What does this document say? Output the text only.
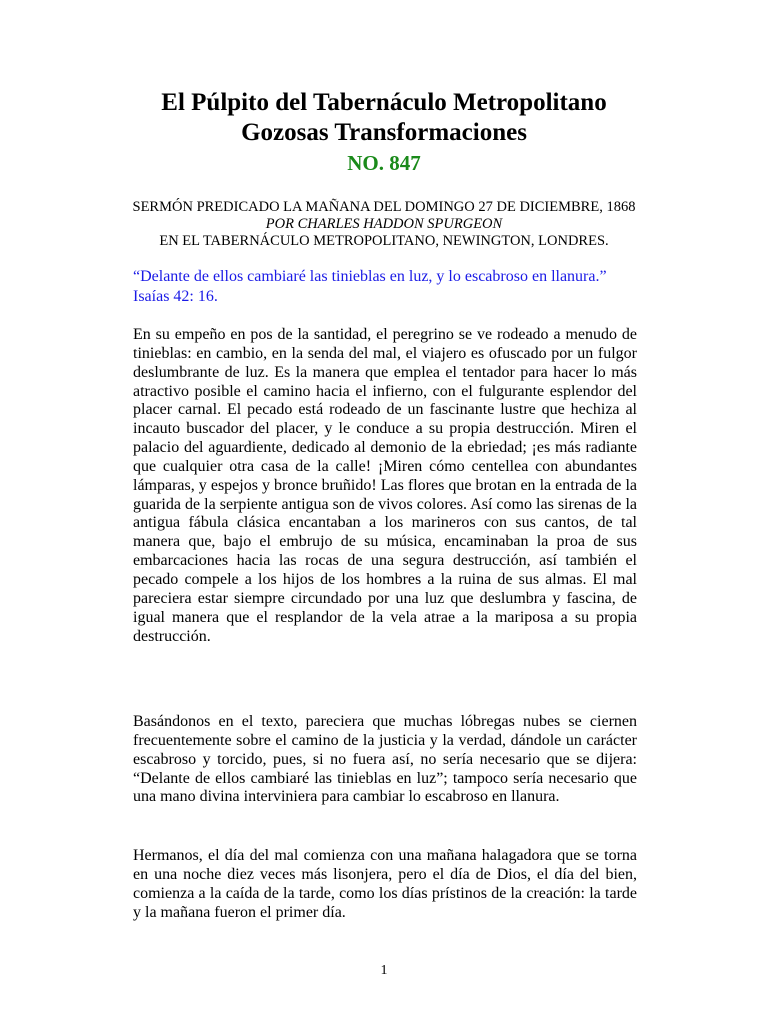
El Púlpito del Tabernáculo Metropolitano
Gozosas Transformaciones
NO. 847
SERMÓN PREDICADO LA MAÑANA DEL DOMINGO 27 DE DICIEMBRE, 1868
POR CHARLES HADDON SPURGEON
EN EL TABERNÁCULO METROPOLITANO, NEWINGTON, LONDRES.
“Delante de ellos cambiaré las tinieblas en luz, y lo escabroso en llanura.”
Isaías 42: 16.

En su empeño en pos de la santidad, el peregrino se ve rodeado a menudo de tinieblas: en cambio, en la senda del mal, el viajero es ofuscado por un fulgor deslumbrante de luz. Es la manera que emplea el tentador para hacer lo más atractivo posible el camino hacia el infierno, con el fulgurante esplendor del placer carnal. El pecado está rodeado de un fascinante lustre que hechiza al incauto buscador del placer, y le conduce a su propia destrucción. Miren el palacio del aguardiente, dedicado al demonio de la ebriedad; ¡es más radiante que cualquier otra casa de la calle! ¡Miren cómo centellea con abundantes lámparas, y espejos y bronce bruñido! Las flores que brotan en la entrada de la guarida de la serpiente antigua son de vivos colores. Así como las sirenas de la antigua fábula clásica encantaban a los marineros con sus cantos, de tal manera que, bajo el embrujo de su música, encaminaban la proa de sus embarcaciones hacia las rocas de una segura destrucción, así también el pecado compele a los hijos de los hombres a la ruina de sus almas. El mal pareciera estar siempre circundado por una luz que deslumbra y fascina, de igual manera que el resplandor de la vela atrae a la mariposa a su propia destrucción.

Basándonos en el texto, pareciera que muchas lóbregas nubes se ciernen frecuentemente sobre el camino de la justicia y la verdad, dándole un carácter escabroso y torcido, pues, si no fuera así, no sería necesario que se dijera: “Delante de ellos cambiaré las tinieblas en luz”; tampoco sería necesario que una mano divina interviniera para cambiar lo escabroso en llanura.

Hermanos, el día del mal comienza con una mañana halagadora que se torna en una noche diez veces más lisonjera, pero el día de Dios, el día del bien, comienza a la caída de la tarde, como los días prístinos de la creación: la tarde y la mañana fueron el primer día.

1
